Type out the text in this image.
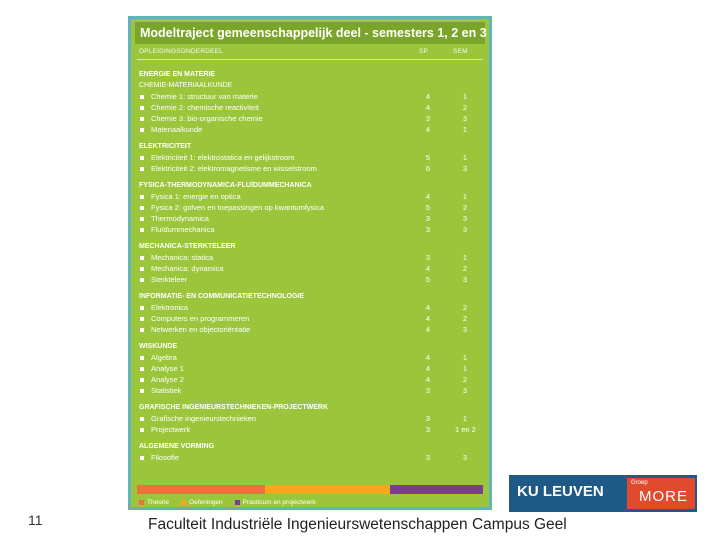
Modeltraject gemeenschappelijk deel - semesters 1, 2 en 3
OPLEIDINGSONDERDEEL	SP	SEM
ENERGIE EN MATERIE
CHEMIE-MATERIAALKUNDE
Chemie 1: structuur van materie	4	1
Chemie 2: chemische reactiviteit	4	2
Chemie 3: bio-organische chemie	3	3
Materiaalkunde	4	1
ELEKTRICITEIT
Elektriciteit 1: elektrostatica en gelijkstroom	5	1
Elektriciteit 2: elektromagnetisme en wisselstroom	6	3
FYSICA-THERMODYNAMICA-FLUÏDUMMECHANICA
Fysica 1: energie en optica	4	1
Fysica 2: golven en toepassingen op kwantumfysica	5	2
Thermodynamica	3	3
Fluïdummechanica	3	3
MECHANICA-STERKTELEER
Mechanica: statica	3	1
Mechanica: dynamica	4	2
Sterkteleer	5	3
INFORMATIE- EN COMMUNICATIETECHNOLOGIE
Elektronica	4	2
Computers en programmeren	4	2
Netwerken en objectoriëntatie	4	3
WISKUNDE
Algebra	4	1
Analyse 1	4	1
Analyse 2	4	2
Statistiek	3	3
GRAFISCHE INGENIEURSTECHNIEKEN-PROJECTWERK
Grafische ingenieurstechnieken	3	1
Projectwerk	3	1 en 2
ALGEMENE VORMING
Filosofie	3	3
Theorie	Oefeningen	Practicum en projectwerk
11	Faculteit Industriële Ingenieurswetenschappen Campus Geel
KU LEUVEN	Groep
MORE
